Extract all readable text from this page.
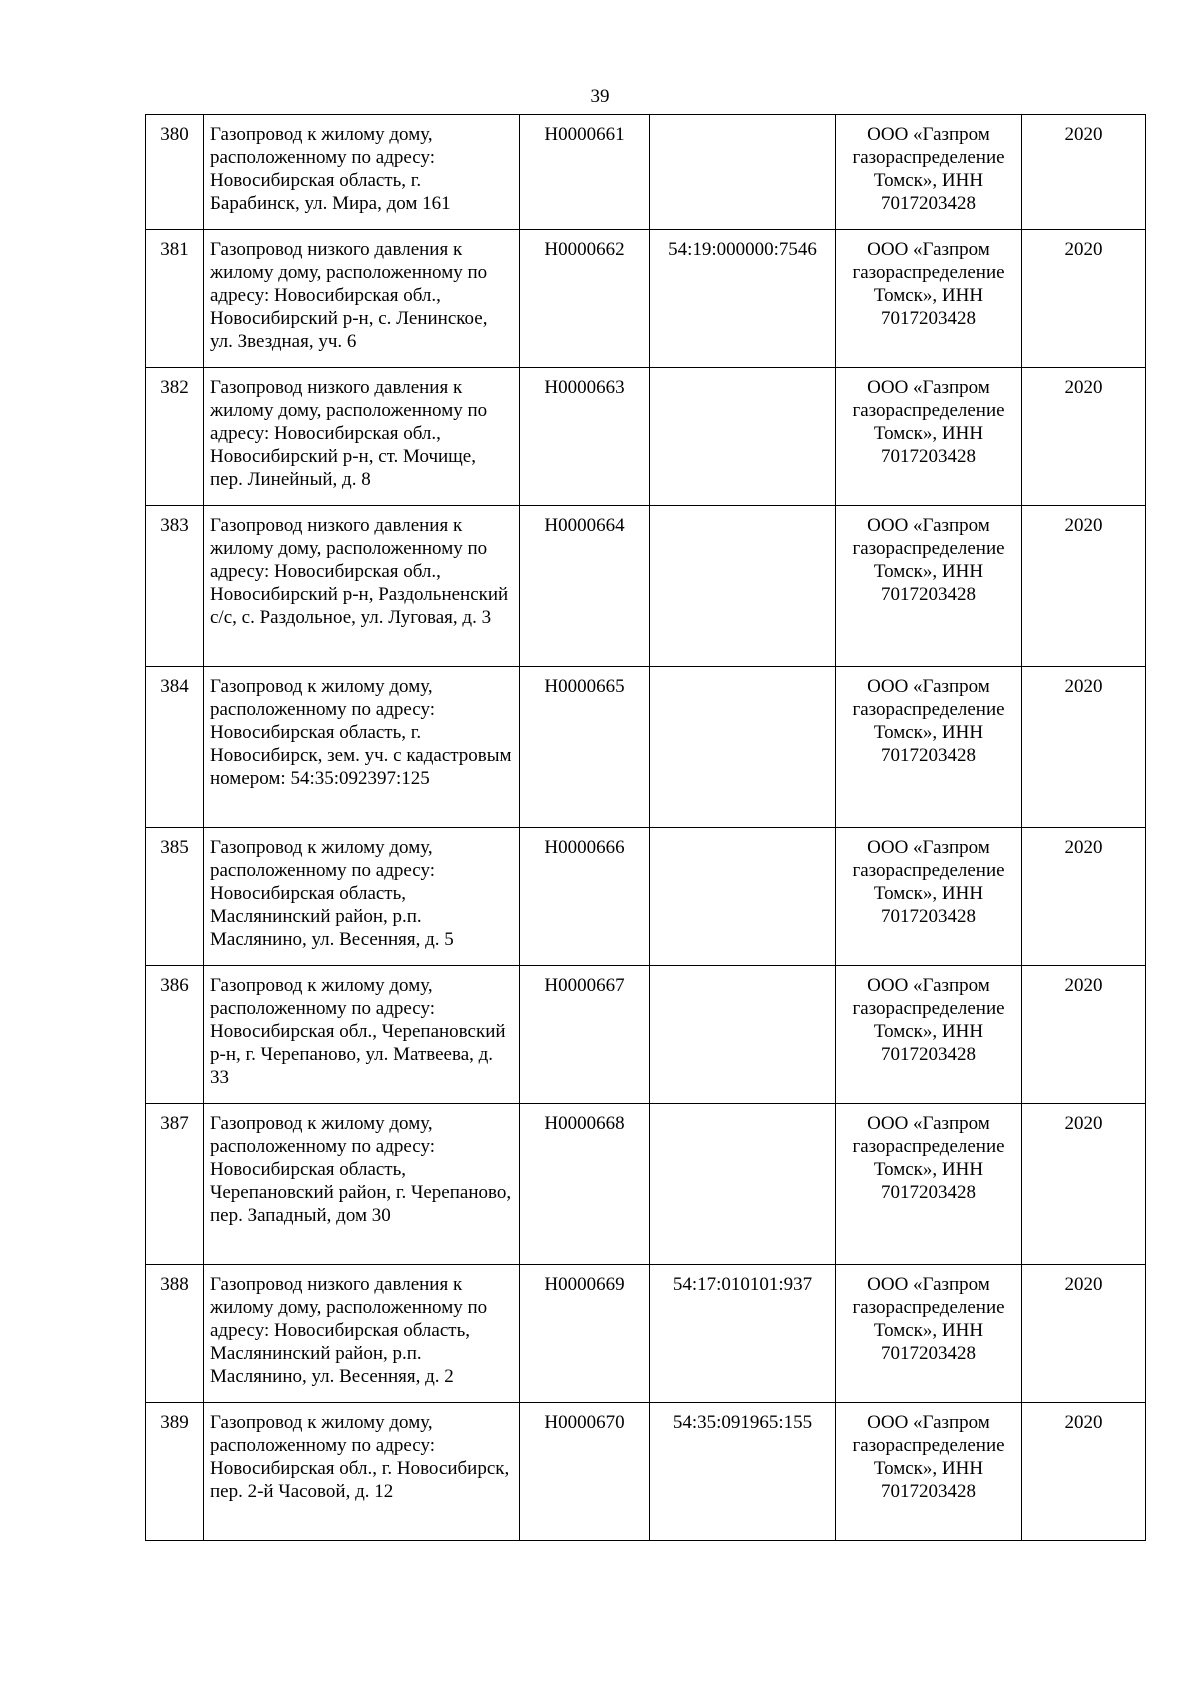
39
380	Газопровод к жилому дому, расположенному по адресу: Новосибирская область, г. Барабинск, ул. Мира, дом 161	Н0000661		ООО «Газпром газораспределение Томск», ИНН 7017203428	2020
381	Газопровод низкого давления к жилому дому, расположенному по адресу: Новосибирская обл., Новосибирский р-н, с. Ленинское, ул. Звездная, уч. 6	Н0000662	54:19:000000:7546	ООО «Газпром газораспределение Томск», ИНН 7017203428	2020
382	Газопровод низкого давления к жилому дому, расположенному по адресу: Новосибирская обл., Новосибирский р-н, ст. Мочище, пер. Линейный, д. 8	Н0000663		ООО «Газпром газораспределение Томск», ИНН 7017203428	2020
383	Газопровод низкого давления к жилому дому, расположенному по адресу: Новосибирская обл., Новосибирский р-н, Раздольненский с/с, с. Раздольное, ул. Луговая, д. 3	Н0000664		ООО «Газпром газораспределение Томск», ИНН 7017203428	2020
384	Газопровод к жилому дому, расположенному по адресу: Новосибирская область, г. Новосибирск, зем. уч. с кадастровым номером: 54:35:092397:125	Н0000665		ООО «Газпром газораспределение Томск», ИНН 7017203428	2020
385	Газопровод к жилому дому, расположенному по адресу: Новосибирская область, Маслянинский район, р.п. Маслянино, ул. Весенняя, д. 5	Н0000666		ООО «Газпром газораспределение Томск», ИНН 7017203428	2020
386	Газопровод к жилому дому, расположенному по адресу: Новосибирская обл., Черепановский р-н, г. Черепаново, ул. Матвеева, д. 33	Н0000667		ООО «Газпром газораспределение Томск», ИНН 7017203428	2020
387	Газопровод к жилому дому, расположенному по адресу: Новосибирская область, Черепановский район, г. Черепаново, пер. Западный, дом 30	Н0000668		ООО «Газпром газораспределение Томск», ИНН 7017203428	2020
388	Газопровод низкого давления к жилому дому, расположенному по адресу: Новосибирская область, Маслянинский район, р.п. Маслянино, ул. Весенняя, д. 2	Н0000669	54:17:010101:937	ООО «Газпром газораспределение Томск», ИНН 7017203428	2020
389	Газопровод к жилому дому, расположенному по адресу: Новосибирская обл., г. Новосибирск, пер. 2-й Часовой, д. 12	Н0000670	54:35:091965:155	ООО «Газпром газораспределение Томск», ИНН 7017203428	2020
